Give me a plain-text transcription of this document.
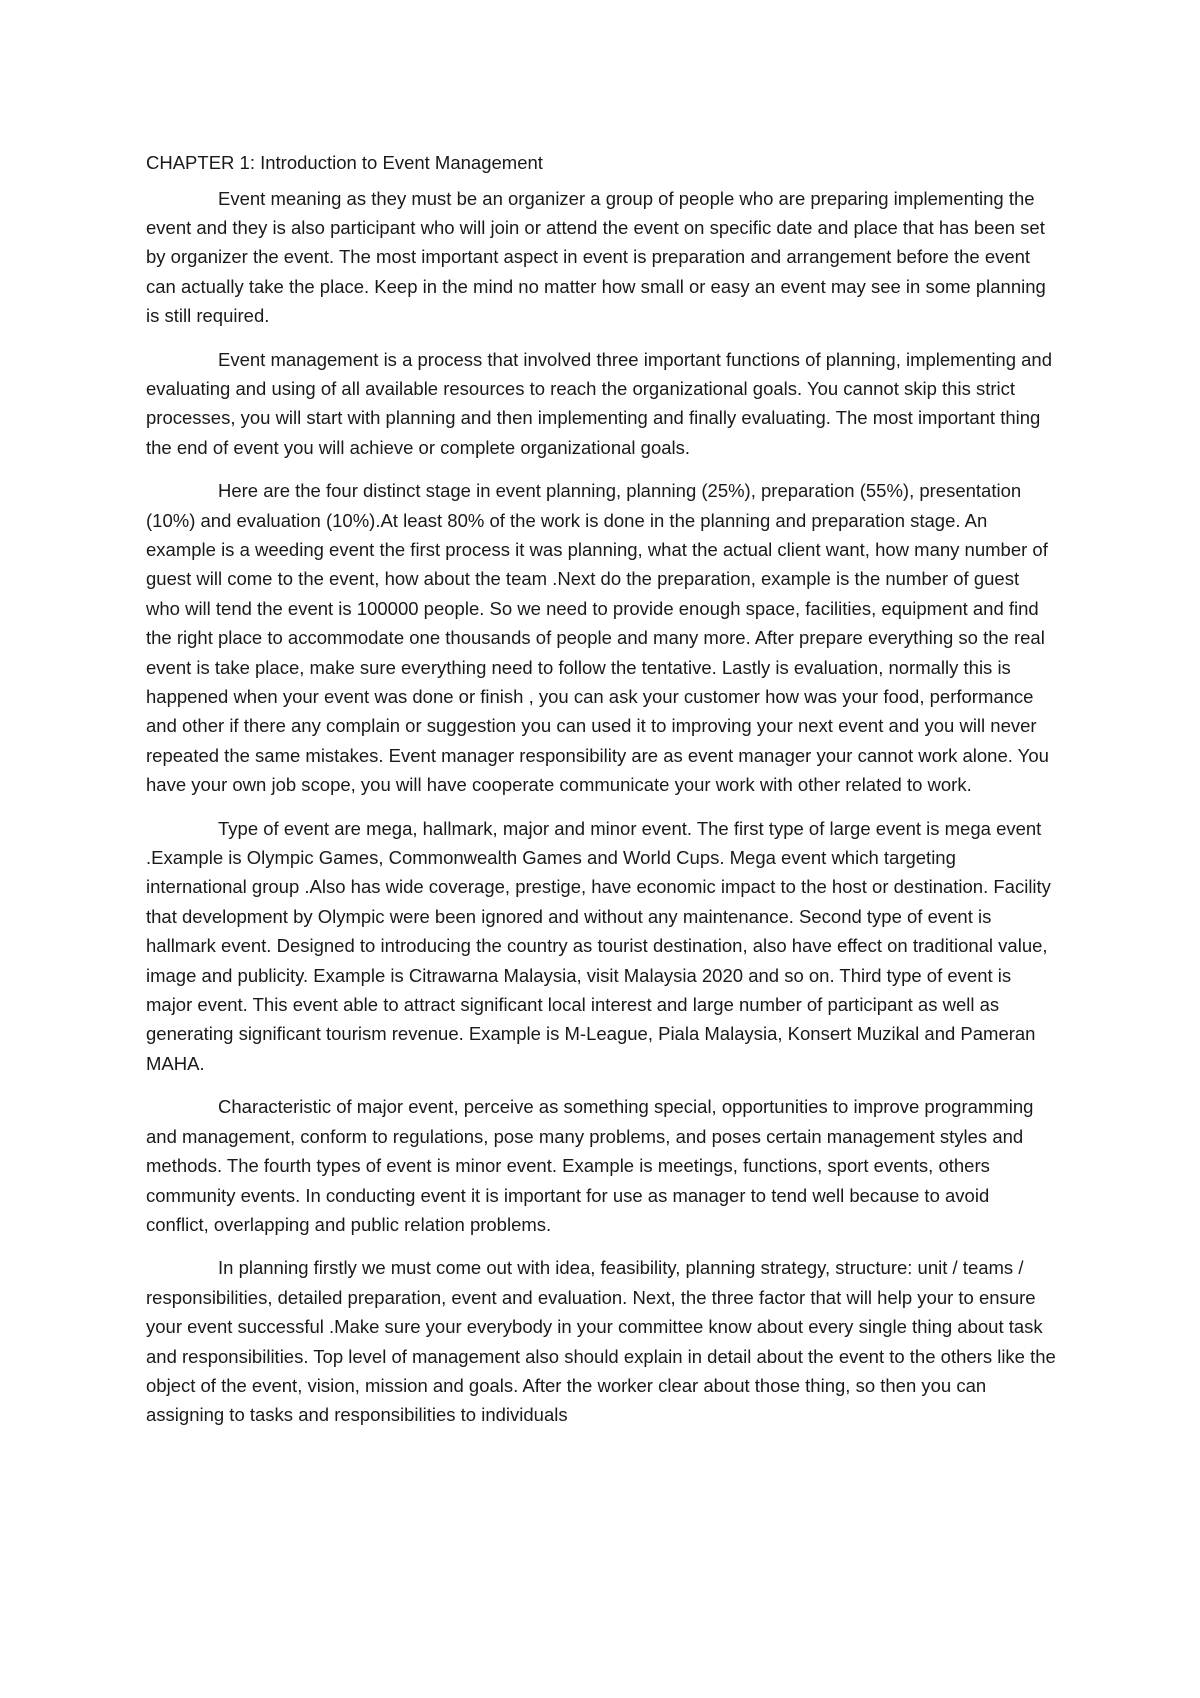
CHAPTER 1: Introduction to Event Management

Event meaning as they must be an organizer a group of people who are preparing implementing the event and they is also participant who will join or attend the event on specific date and place that has been set by organizer the event. The most important aspect in event is preparation and arrangement before the event can actually take the place. Keep in the mind no matter how small or easy an event may see in some planning is still required.

Event management is a process that involved three important functions of planning, implementing and evaluating and using of all available resources to reach the organizational goals. You cannot skip this strict processes, you will start with planning and then implementing and finally evaluating. The most important thing the end of event you will achieve or complete organizational goals.

Here are the four distinct stage in event planning, planning (25%), preparation (55%), presentation (10%) and evaluation (10%).At least 80% of the work is done in the planning and preparation stage. An example is a weeding event the first process it was planning, what the actual client want, how many number of guest will come to the event, how about the team .Next do the preparation, example is the number of guest who will tend the event is 100000 people. So we need to provide enough space, facilities, equipment and find the right place to accommodate one thousands of people and many more. After prepare everything so the real event is take place, make sure everything need to follow the tentative. Lastly is evaluation, normally this is happened when your event was done or finish , you can ask your customer how was your food, performance and other if there any complain or suggestion you can used it to improving your next event and you will never repeated the same mistakes. Event manager responsibility are as event manager your cannot work alone. You have your own job scope, you will have cooperate communicate your work with other related to work.

Type of event are mega, hallmark, major and minor event. The first type of large event is mega event .Example is Olympic Games, Commonwealth Games and World Cups. Mega event which targeting international group .Also has wide coverage, prestige, have economic impact to the host or destination. Facility that development by Olympic were been ignored and without any maintenance. Second type of event is hallmark event. Designed to introducing the country as tourist destination, also have effect on traditional value, image and publicity. Example is Citrawarna Malaysia, visit Malaysia 2020 and so on. Third type of event is major event. This event able to attract significant local interest and large number of participant as well as generating significant tourism revenue. Example is M-League, Piala Malaysia, Konsert Muzikal and Pameran MAHA.

Characteristic of major event, perceive as something special, opportunities to improve programming and management, conform to regulations, pose many problems, and poses certain management styles and methods. The fourth types of event is minor event. Example is meetings, functions, sport events, others community events. In conducting event it is important for use as manager to tend well because to avoid conflict, overlapping and public relation problems.

In planning firstly we must come out with idea, feasibility, planning strategy, structure: unit / teams / responsibilities, detailed preparation, event and evaluation. Next, the three factor that will help your to ensure your event successful .Make sure your everybody in your committee know about every single thing about task and responsibilities. Top level of management also should explain in detail about the event to the others like the object of the event, vision, mission and goals. After the worker clear about those thing, so then you can assigning to tasks and responsibilities to individuals
